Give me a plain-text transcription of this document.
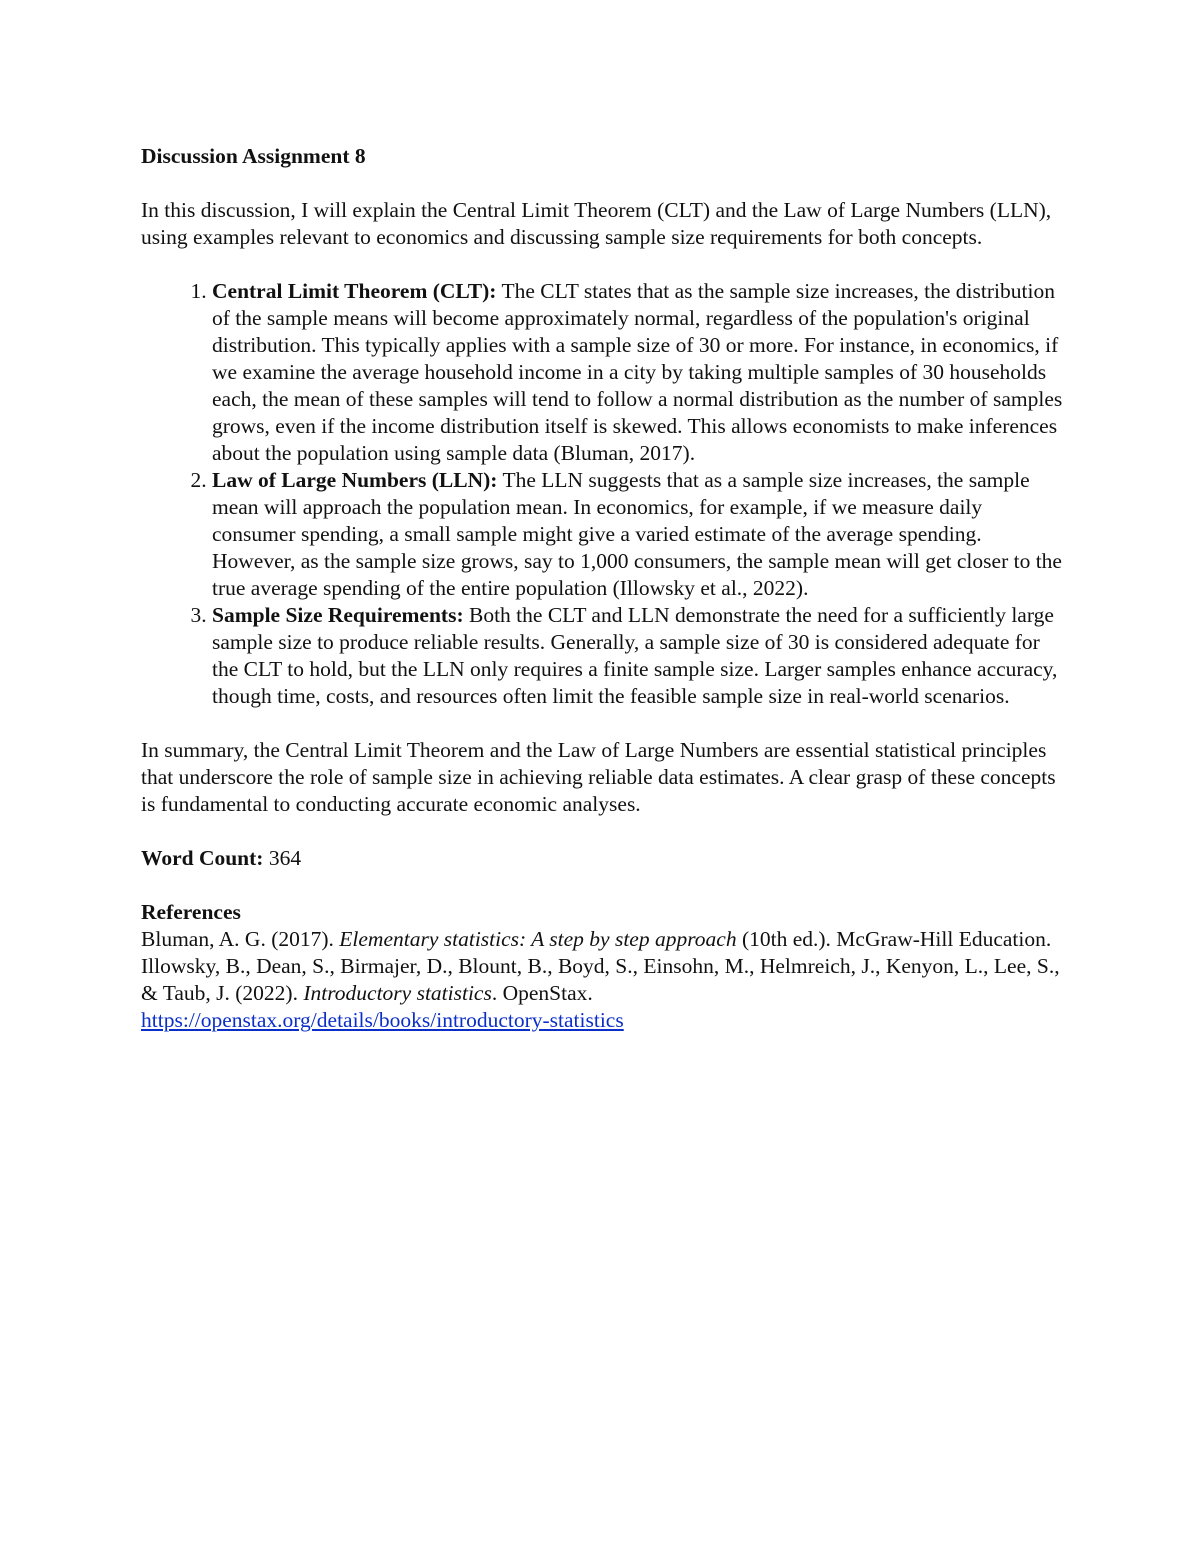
Discussion Assignment 8

In this discussion, I will explain the Central Limit Theorem (CLT) and the Law of Large Numbers (LLN), using examples relevant to economics and discussing sample size requirements for both concepts.

1. Central Limit Theorem (CLT): The CLT states that as the sample size increases, the distribution of the sample means will become approximately normal, regardless of the population's original distribution. This typically applies with a sample size of 30 or more. For instance, in economics, if we examine the average household income in a city by taking multiple samples of 30 households each, the mean of these samples will tend to follow a normal distribution as the number of samples grows, even if the income distribution itself is skewed. This allows economists to make inferences about the population using sample data (Bluman, 2017).
2. Law of Large Numbers (LLN): The LLN suggests that as a sample size increases, the sample mean will approach the population mean. In economics, for example, if we measure daily consumer spending, a small sample might give a varied estimate of the average spending. However, as the sample size grows, say to 1,000 consumers, the sample mean will get closer to the true average spending of the entire population (Illowsky et al., 2022).
3. Sample Size Requirements: Both the CLT and LLN demonstrate the need for a sufficiently large sample size to produce reliable results. Generally, a sample size of 30 is considered adequate for the CLT to hold, but the LLN only requires a finite sample size. Larger samples enhance accuracy, though time, costs, and resources often limit the feasible sample size in real-world scenarios.

In summary, the Central Limit Theorem and the Law of Large Numbers are essential statistical principles that underscore the role of sample size in achieving reliable data estimates. A clear grasp of these concepts is fundamental to conducting accurate economic analyses.

Word Count: 364
References
Bluman, A. G. (2017). Elementary statistics: A step by step approach (10th ed.). McGraw-Hill Education.
Illowsky, B., Dean, S., Birmajer, D., Blount, B., Boyd, S., Einsohn, M., Helmreich, J., Kenyon, L., Lee, S., & Taub, J. (2022). Introductory statistics. OpenStax.
https://openstax.org/details/books/introductory-statistics
